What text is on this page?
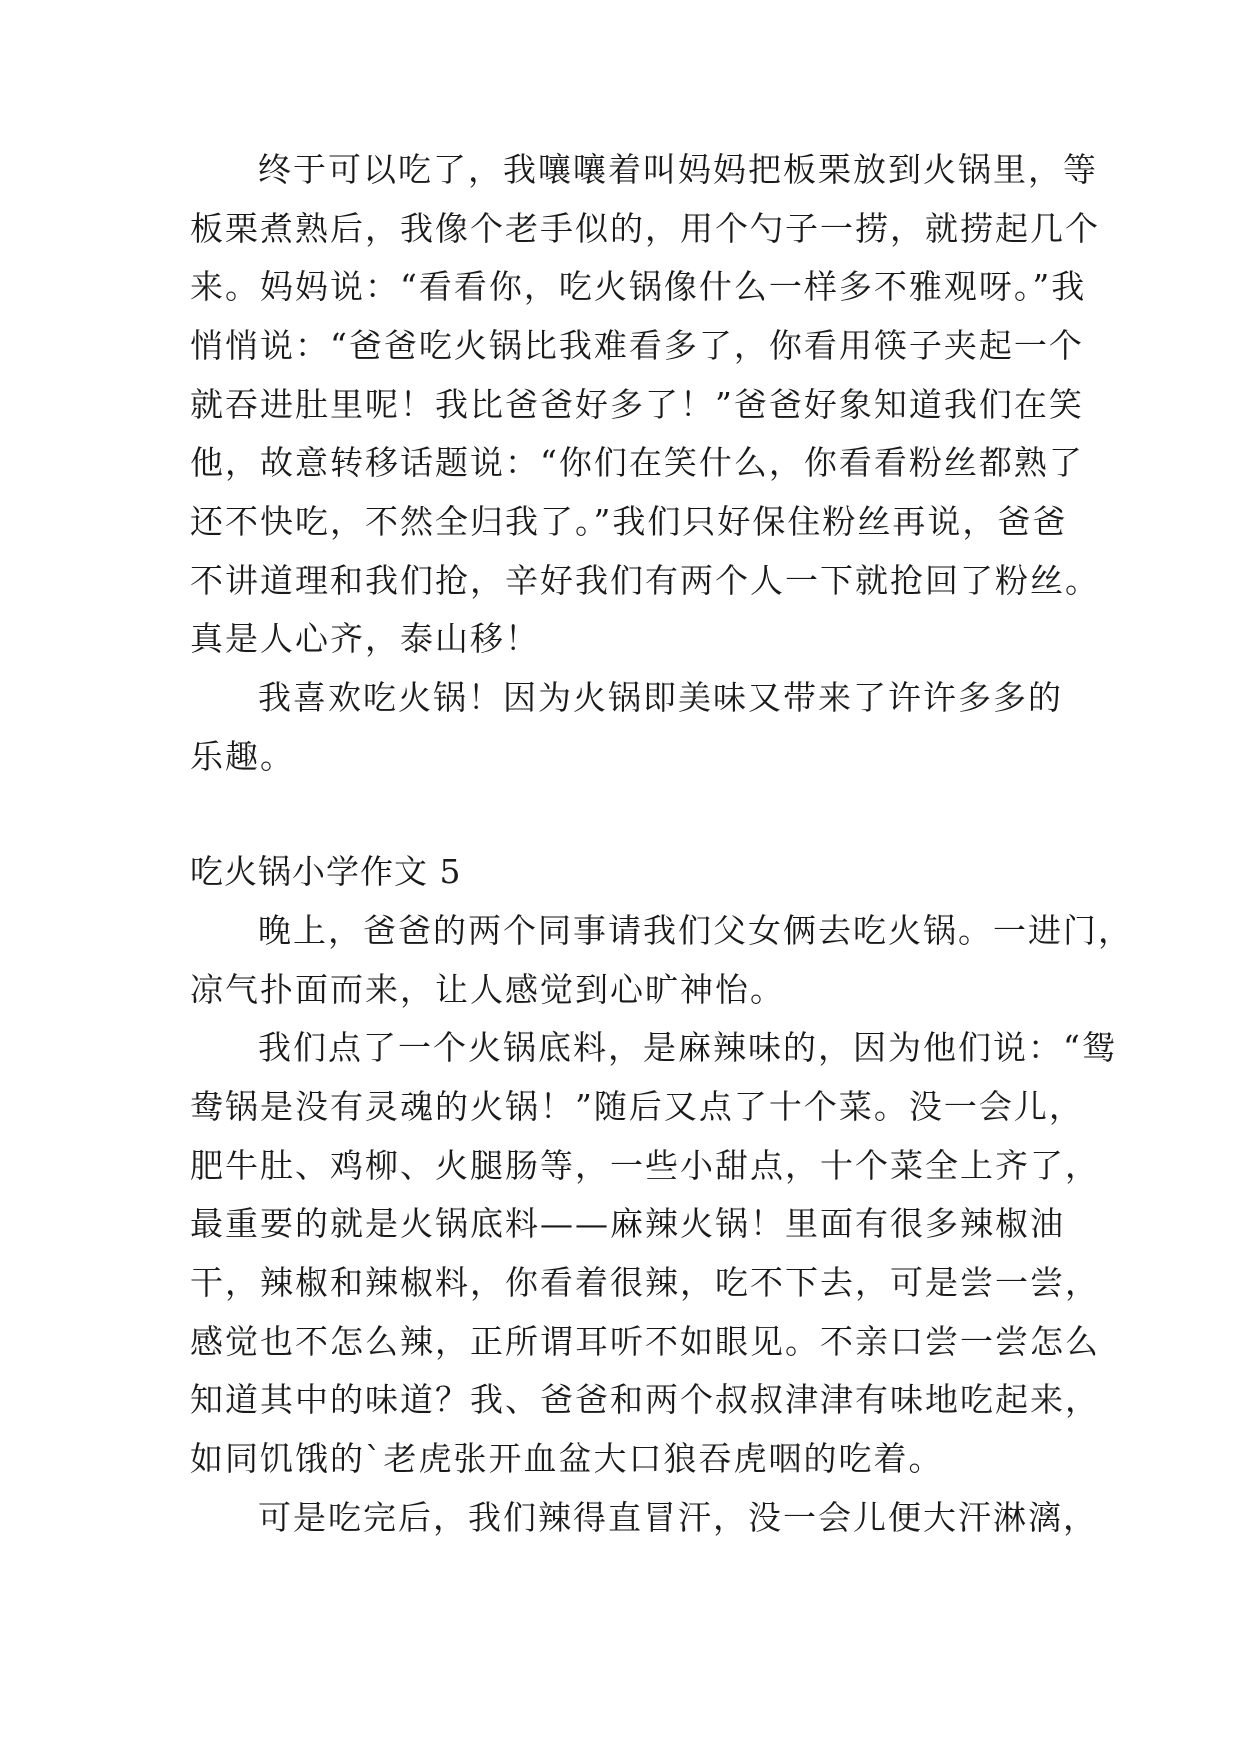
终于可以吃了，我嚷嚷着叫妈妈把板栗放到火锅里，等
板栗煮熟后，我像个老手似的，用个勺子一捞，就捞起几个
来。妈妈说：“看看你，吃火锅像什么一样多不雅观呀。”我
悄悄说：“爸爸吃火锅比我难看多了，你看用筷子夹起一个
就吞进肚里呢！我比爸爸好多了！”爸爸好象知道我们在笑
他，故意转移话题说：“你们在笑什么，你看看粉丝都熟了
还不快吃，不然全归我了。”我们只好保住粉丝再说，爸爸
不讲道理和我们抢，辛好我们有两个人一下就抢回了粉丝。
真是人心齐，泰山移！
我喜欢吃火锅！因为火锅即美味又带来了许许多多的
乐趣。
吃火锅小学作文 5
晚上，爸爸的两个同事请我们父女俩去吃火锅。一进门，
凉气扑面而来，让人感觉到心旷神怡。
我们点了一个火锅底料，是麻辣味的，因为他们说：“鸳
鸯锅是没有灵魂的火锅！”随后又点了十个菜。没一会儿，
肥牛肚、鸡柳、火腿肠等，一些小甜点，十个菜全上齐了，
最重要的就是火锅底料——麻辣火锅！里面有很多辣椒油
干，辣椒和辣椒料，你看着很辣，吃不下去，可是尝一尝，
感觉也不怎么辣，正所谓耳听不如眼见。不亲口尝一尝怎么
知道其中的味道？我、爸爸和两个叔叔津津有味地吃起来，
如同饥饿的`老虎张开血盆大口狼吞虎咽的吃着。
可是吃完后，我们辣得直冒汗，没一会儿便大汗淋漓，
